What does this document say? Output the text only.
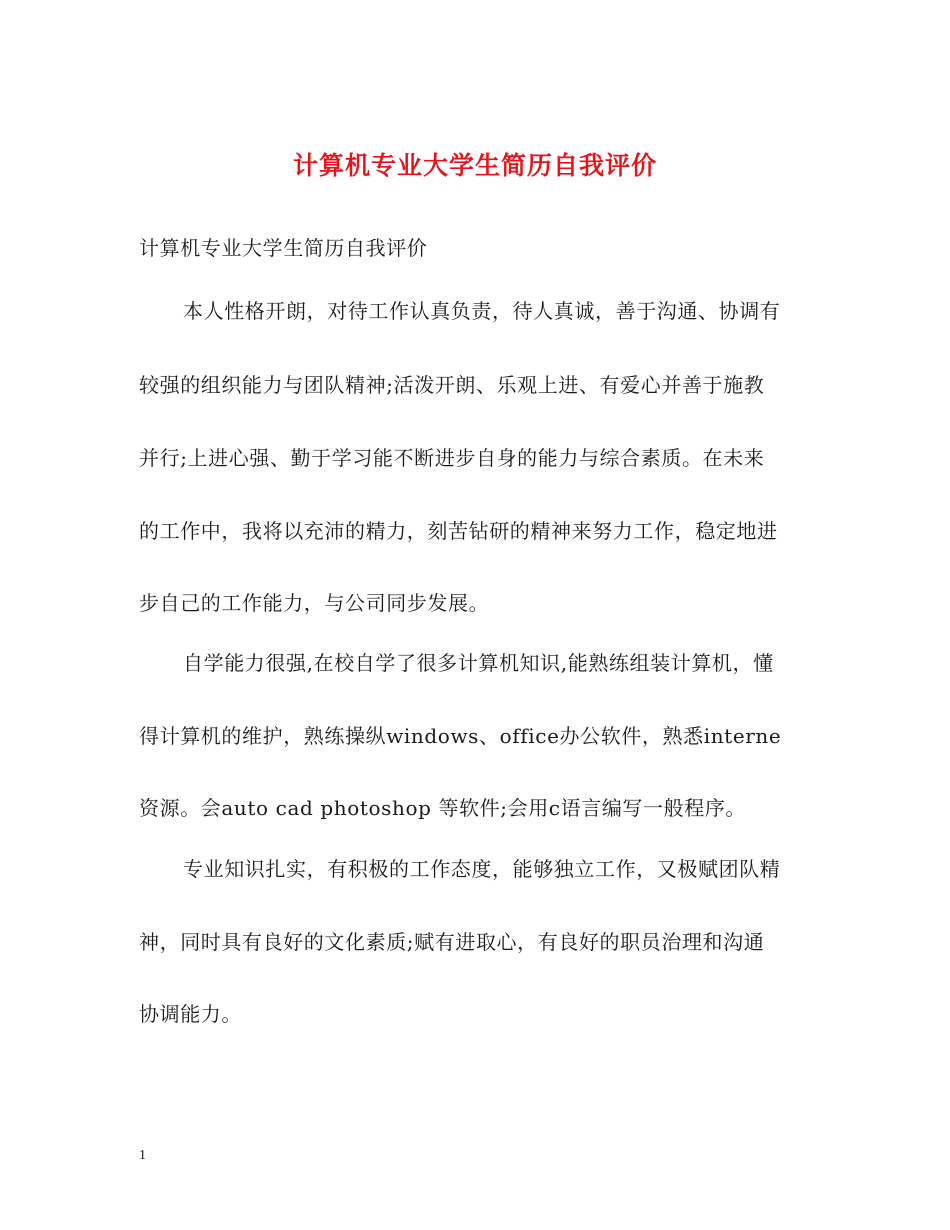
计算机专业大学生简历自我评价
计算机专业大学生简历自我评价
本人性格开朗，对待工作认真负责，待人真诚，善于沟通、协调有
较强的组织能力与团队精神;活泼开朗、乐观上进、有爱心并善于施教
并行;上进心强、勤于学习能不断进步自身的能力与综合素质。在未来
的工作中，我将以充沛的精力，刻苦钻研的精神来努力工作，稳定地进
步自己的工作能力，与公司同步发展。
自学能力很强,在校自学了很多计算机知识,能熟练组装计算机，懂
得计算机的维护，熟练操纵windows、office办公软件，熟悉interne
资源。会auto cad photoshop 等软件;会用c语言编写一般程序。
专业知识扎实，有积极的工作态度，能够独立工作，又极赋团队精
神，同时具有良好的文化素质;赋有进取心，有良好的职员治理和沟通
协调能力。
1
